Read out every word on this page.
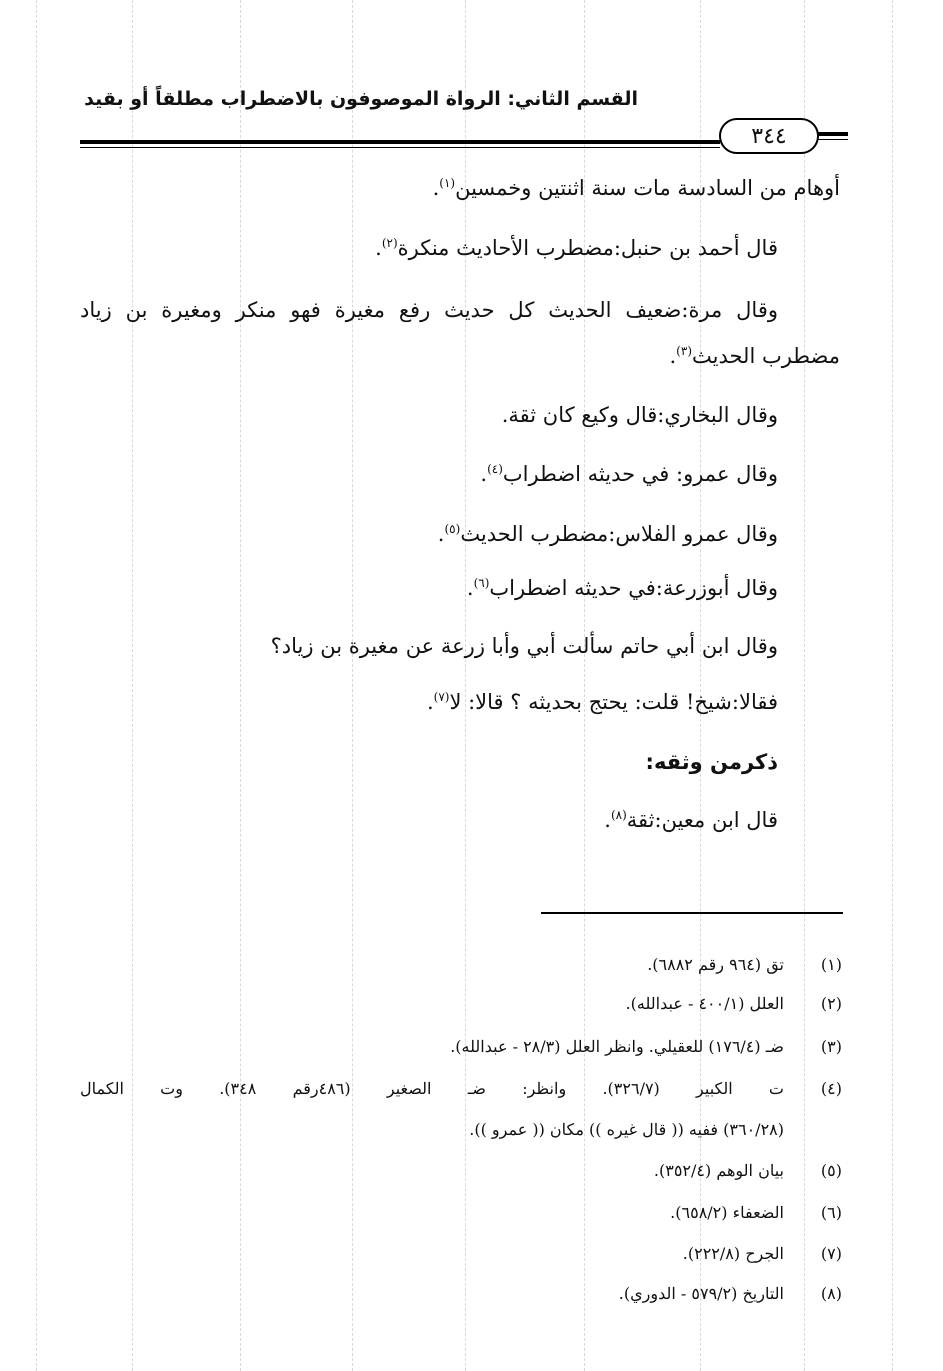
القسم الثاني: الرواة الموصوفون بالاضطراب مطلقاً أو بقيد
٣٤٤
أوهام من السادسة مات سنة اثنتين وخمسين$^{(١)}$.
قال أحمد بن حنبل:مضطرب الأحاديث منكرة$^{(٢)}$.
وقال مرة:ضعيف الحديث كل حديث رفع مغيرة فهو منكر ومغيرة بن زياد
مضطرب الحديث$^{(٣)}$.
وقال البخاري:قال وكيع كان ثقة.
وقال عمرو: في حديثه اضطراب$^{(٤)}$.
وقال عمرو الفلاس:مضطرب الحديث$^{(٥)}$.
وقال أبوزرعة:في حديثه اضطراب$^{(٦)}$.
وقال ابن أبي حاتم سألت أبي وأبا زرعة عن مغيرة بن زياد؟
فقالا:شيخ! قلت: يحتج بحديثه ؟ قالا: لا$^{(٧)}$.
ذكرمن وثقه:
قال ابن معين:ثقة$^{(٨)}$.
(١)
تق (٩٦٤ رقم ٦٨٨٢).
(٢)
العلل (٤٠٠/١ - عبدالله).
(٣)
ضـ (١٧٦/٤) للعقيلي. وانظر العلل (٢٨/٣ - عبدالله).
(٤)
ت الكبير (٣٢٦/٧). وانظر: ضـ الصغير (٤٨٦رقم ٣٤٨). وت الكمال
(٣٦٠/٢٨) ففيه (( قال غيره )) مكان (( عمرو )).
(٥)
بيان الوهم (٣٥٢/٤).
(٦)
الضعفاء (٦٥٨/٢).
(٧)
الجرح (٢٢٢/٨).
(٨)
التاريخ (٥٧٩/٢ - الدوري).
